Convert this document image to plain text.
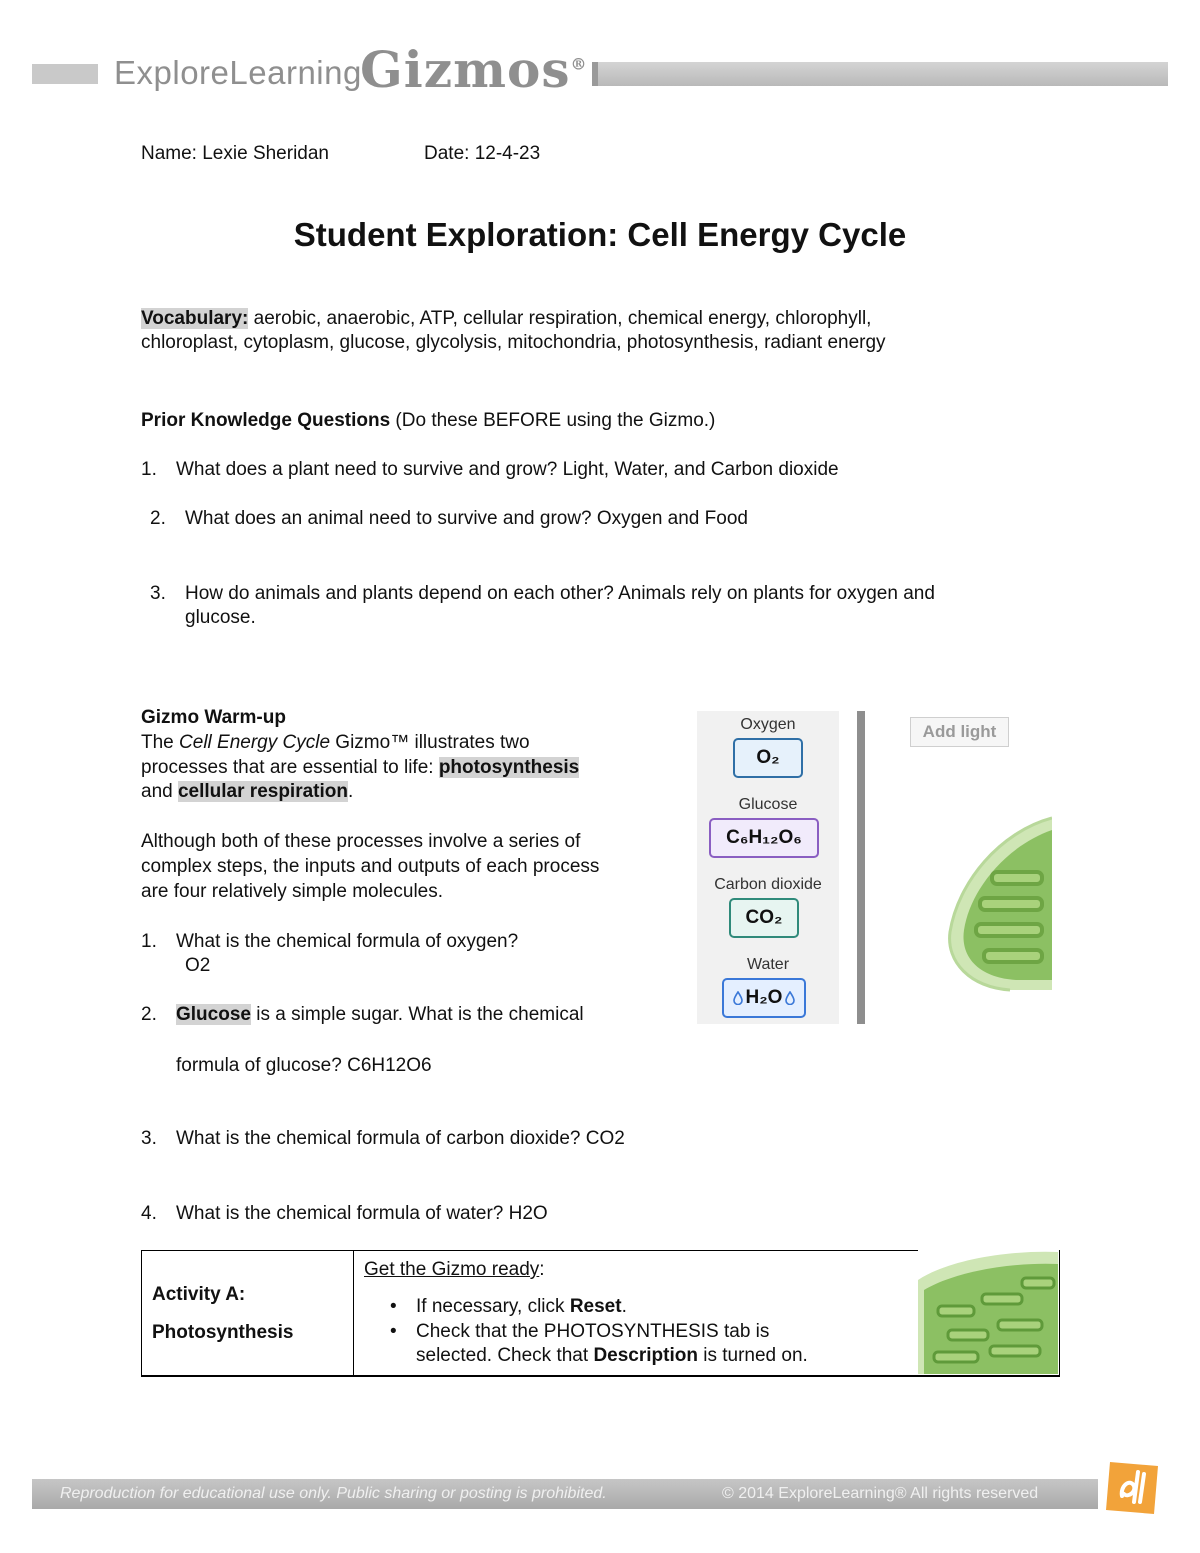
ExploreLearning
Gizmos®
Name: Lexie Sheridan	Date: 12-4-23
Student Exploration: Cell Energy Cycle
Vocabulary: aerobic, anaerobic, ATP, cellular respiration, chemical energy, chlorophyll,
chloroplast, cytoplasm, glucose, glycolysis, mitochondria, photosynthesis, radiant energy
Prior Knowledge Questions (Do these BEFORE using the Gizmo.)
1. What does a plant need to survive and grow? Light, Water, and Carbon dioxide
2. What does an animal need to survive and grow? Oxygen and Food
3. How do animals and plants depend on each other? Animals rely on plants for oxygen and
glucose.
Gizmo Warm-up
The Cell Energy Cycle Gizmo™ illustrates two
processes that are essential to life: photosynthesis
and cellular respiration.
Although both of these processes involve a series of
complex steps, the inputs and outputs of each process
are four relatively simple molecules.
1. What is the chemical formula of oxygen?
O2
2. Glucose is a simple sugar. What is the chemical
formula of glucose? C6H12O6
3. What is the chemical formula of carbon dioxide? CO2
4. What is the chemical formula of water? H2O
Oxygen
O₂
Glucose
C₆H₁₂O₆
Carbon dioxide
CO₂
Water
H₂O
Add light
Activity A:
Photosynthesis
Get the Gizmo ready:
• If necessary, click Reset.
• Check that the PHOTOSYNTHESIS tab is
selected. Check that Description is turned on.
Reproduction for educational use only. Public sharing or posting is prohibited.	© 2014 ExploreLearning® All rights reserved
